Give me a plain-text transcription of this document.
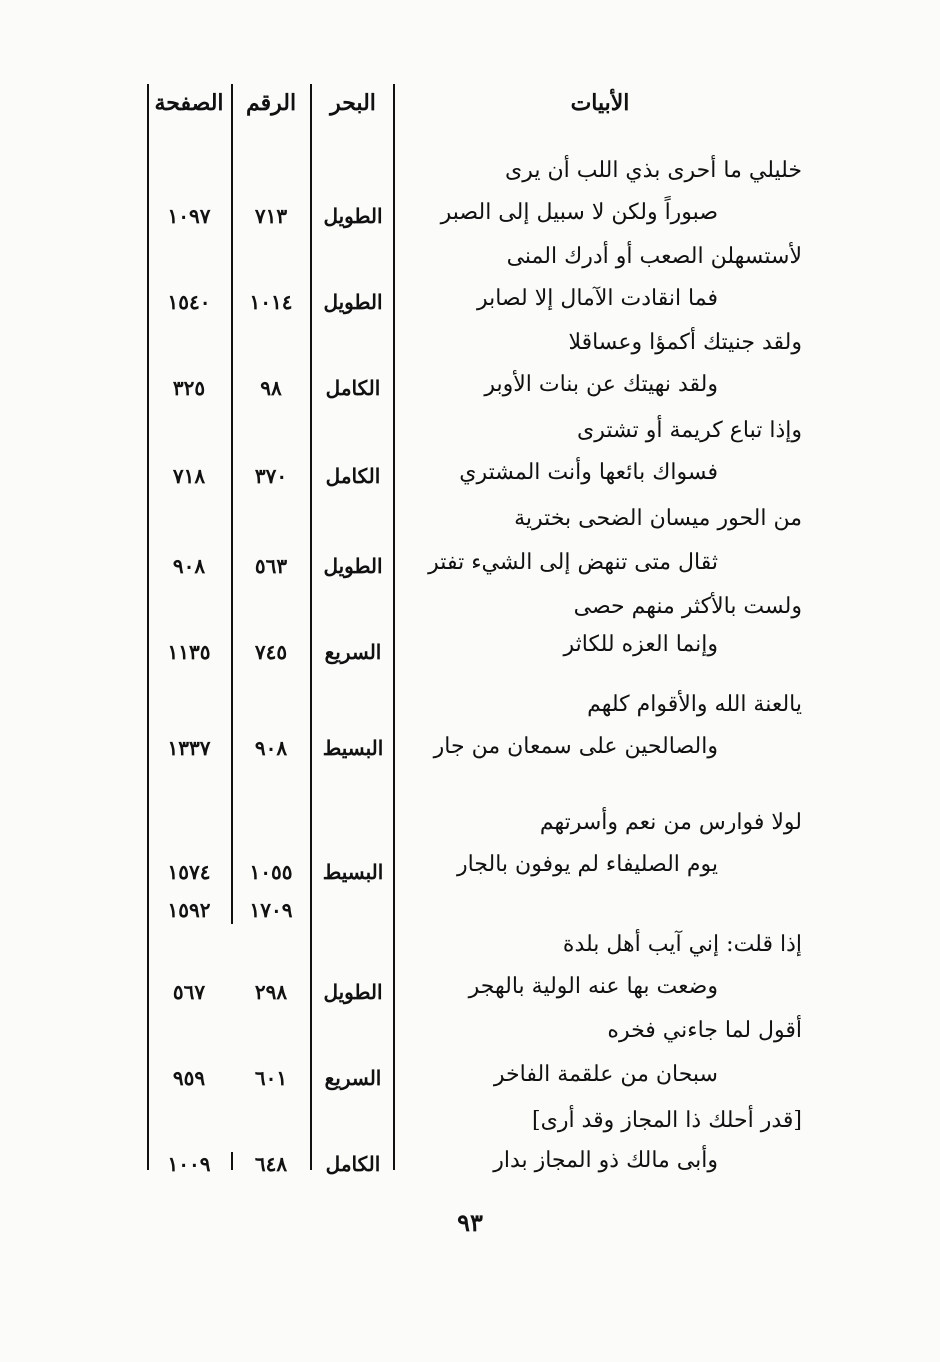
الأبيات
البحر
الرقم
الصفحة
خليلي ما أحرى بذي اللب أن يرى
صبوراً ولكن لا سبيل إلى الصبر
الطويل
٧١٣
١٠٩٧
لأستسهلن الصعب أو أدرك المنى
فما انقادت الآمال إلا لصابر
الطويل
١٠١٤
١٥٤٠
ولقد جنيتك أكمؤا وعساقلا
ولقد نهيتك عن بنات الأوبر
الكامل
٩٨
٣٢٥
وإذا تباع كريمة أو تشترى
فسواك بائعها وأنت المشتري
الكامل
٣٧٠
٧١٨
من الحور ميسان الضحى بخترية
ثقال متى تنهض إلى الشيء تفتر
الطويل
٥٦٣
٩٠٨
ولست بالأكثر منهم حصى
وإنما العزه للكاثر
السريع
٧٤٥
١١٣٥
يالعنة الله والأقوام كلهم
والصالحين على سمعان من جار
البسيط
٩٠٨
١٣٣٧
لولا فوارس من نعم وأسرتهم
يوم الصليفاء لم يوفون بالجار
البسيط
١٠٥٥
١٥٧٤
١٧٠٩
١٥٩٢
إذا قلت: إني آيب أهل بلدة
وضعت بها عنه الولية بالهجر
الطويل
٢٩٨
٥٦٧
أقول لما جاءني فخره
سبحان من علقمة الفاخر
السريع
٦٠١
٩٥٩
[قدر أحلك ذا المجاز وقد أرى]
وأبى مالك ذو المجاز بدار
الكامل
٦٤٨
١٠٠٩
٩٣
